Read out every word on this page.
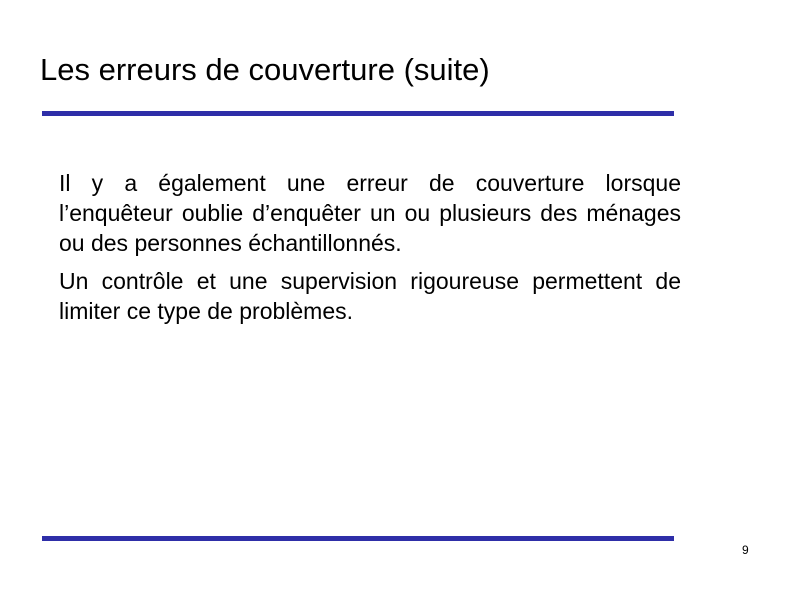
Les erreurs de couverture (suite)

Il y a également une erreur de couverture lorsque l’enquêteur oublie d’enquêter un ou plusieurs des ménages ou des personnes échantillonnés.

Un contrôle et une supervision rigoureuse permettent de limiter ce type de problèmes.

9
